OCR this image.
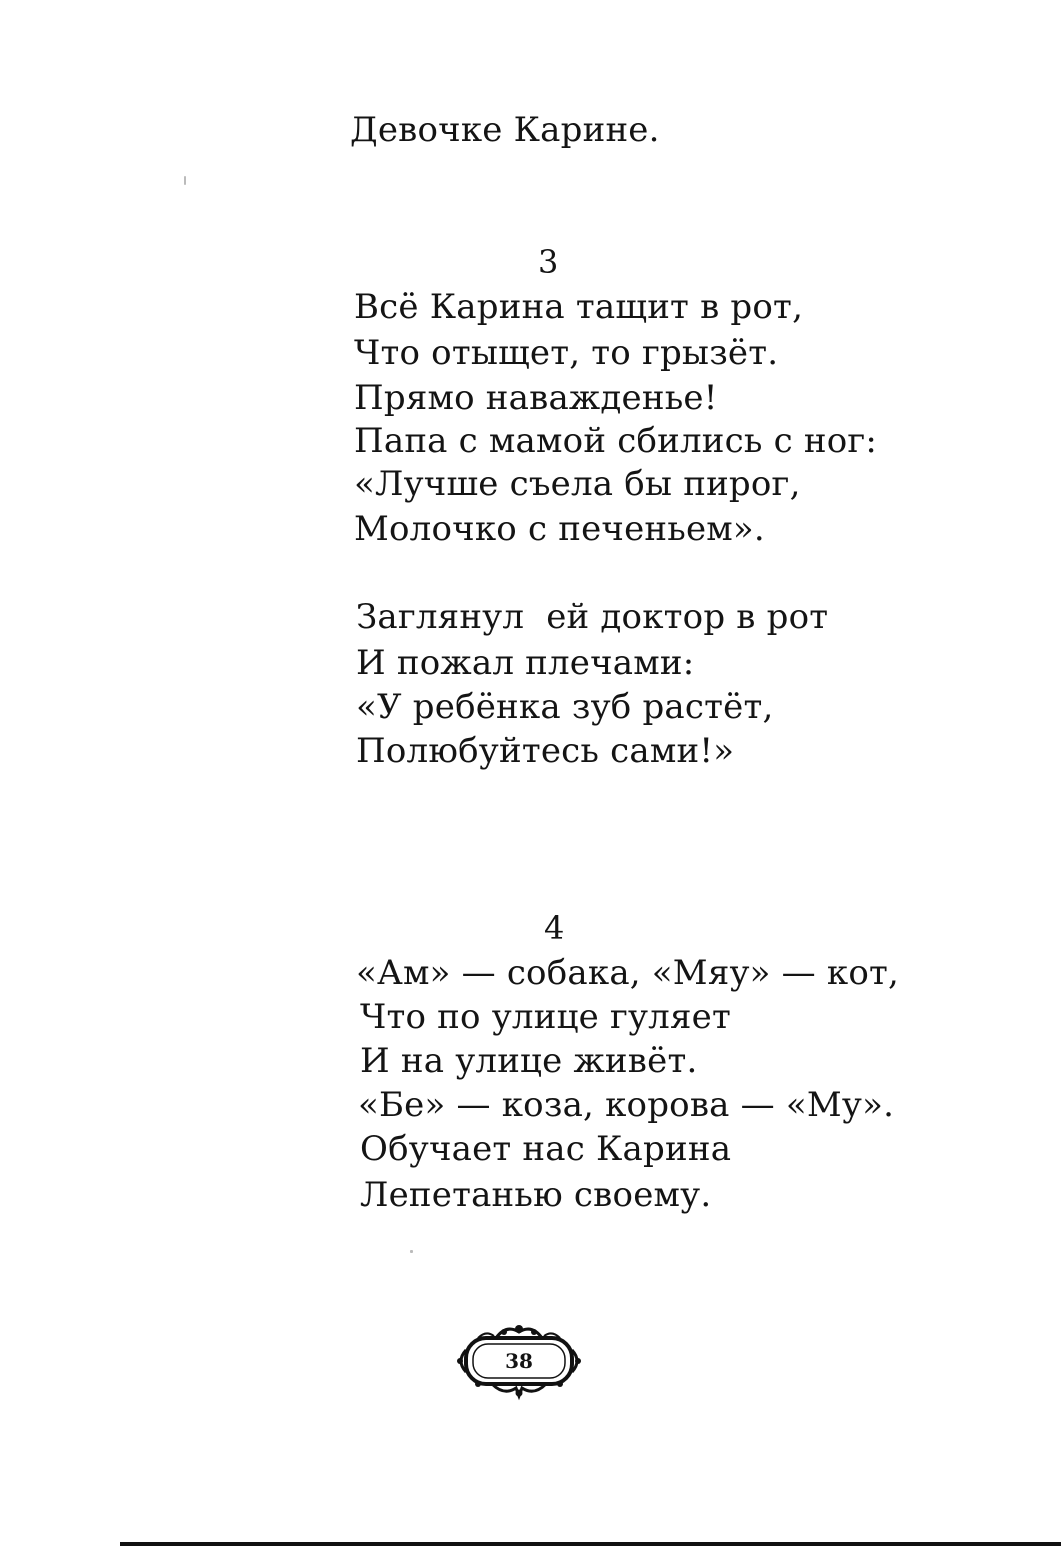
Девочке Карине.
3
Всё Карина тащит в рот,
Что отыщет, то грызёт.
Прямо наважденье!
Папа с мамой сбились с ног:
«Лучше съела бы пирог,
Молочко с печеньем».
Заглянул  ей доктор в рот
И пожал плечами:
«У ребёнка зуб растёт,
Полюбуйтесь сами!»
4
«Ам» — собака, «Мяу» — кот,
Что по улице гуляет
И на улице живёт.
«Бе» — коза, корова — «Му».
Обучает нас Карина
Лепетанью своему.
38
